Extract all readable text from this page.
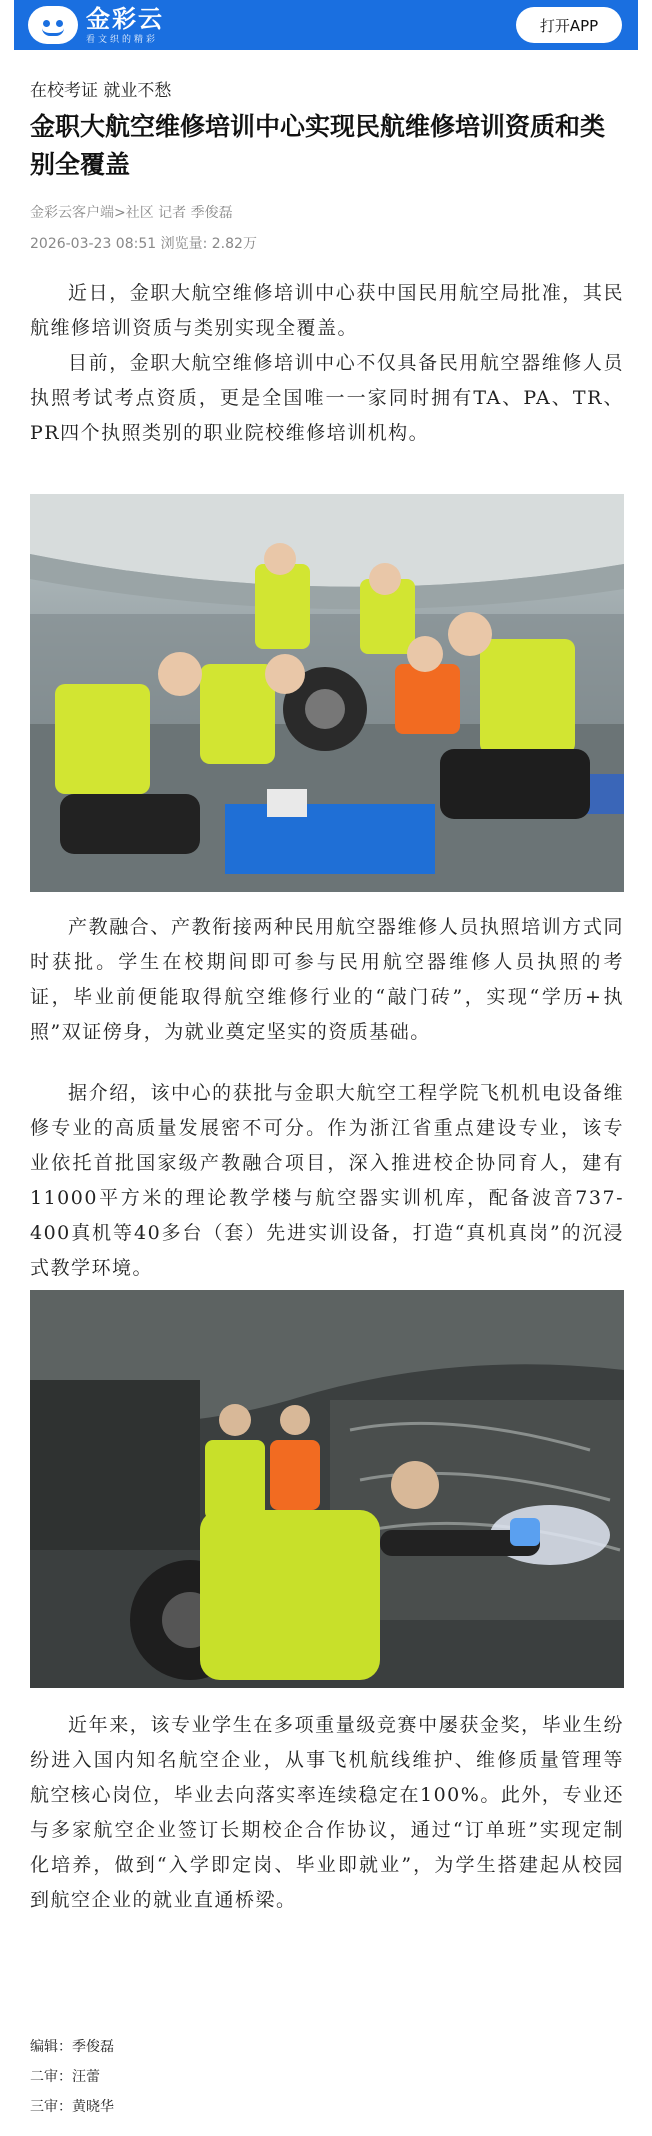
金彩云
看文织的精彩
打开APP
在校考证 就业不愁
金职大航空维修培训中心实现民航维修培训资质和类别全覆盖
金彩云客户端>社区 记者 季俊磊
2026-03-23 08:51 浏览量: 2.82万

近日，金职大航空维修培训中心获中国民用航空局批准，其民航维修培训资质与类别实现全覆盖。

目前，金职大航空维修培训中心不仅具备民用航空器维修人员执照考试考点资质，更是全国唯一一家同时拥有TA、PA、TR、PR四个执照类别的职业院校维修培训机构。

产教融合、产教衔接两种民用航空器维修人员执照培训方式同时获批。学生在校期间即可参与民用航空器维修人员执照的考证，毕业前便能取得航空维修行业的“敲门砖”，实现“学历+执照”双证傍身，为就业奠定坚实的资质基础。

据介绍，该中心的获批与金职大航空工程学院飞机机电设备维修专业的高质量发展密不可分。作为浙江省重点建设专业，该专业依托首批国家级产教融合项目，深入推进校企协同育人，建有11000平方米的理论教学楼与航空器实训机库，配备波音737-400真机等40多台（套）先进实训设备，打造“真机真岗”的沉浸式教学环境。

近年来，该专业学生在多项重量级竞赛中屡获金奖，毕业生纷纷进入国内知名航空企业，从事飞机航线维护、维修质量管理等航空核心岗位，毕业去向落实率连续稳定在100%。此外，专业还与多家航空企业签订长期校企合作协议，通过“订单班”实现定制化培养，做到“入学即定岗、毕业即就业”，为学生搭建起从校园到航空企业的就业直通桥梁。

编辑：季俊磊
二审：汪蕾
三审：黄晓华
